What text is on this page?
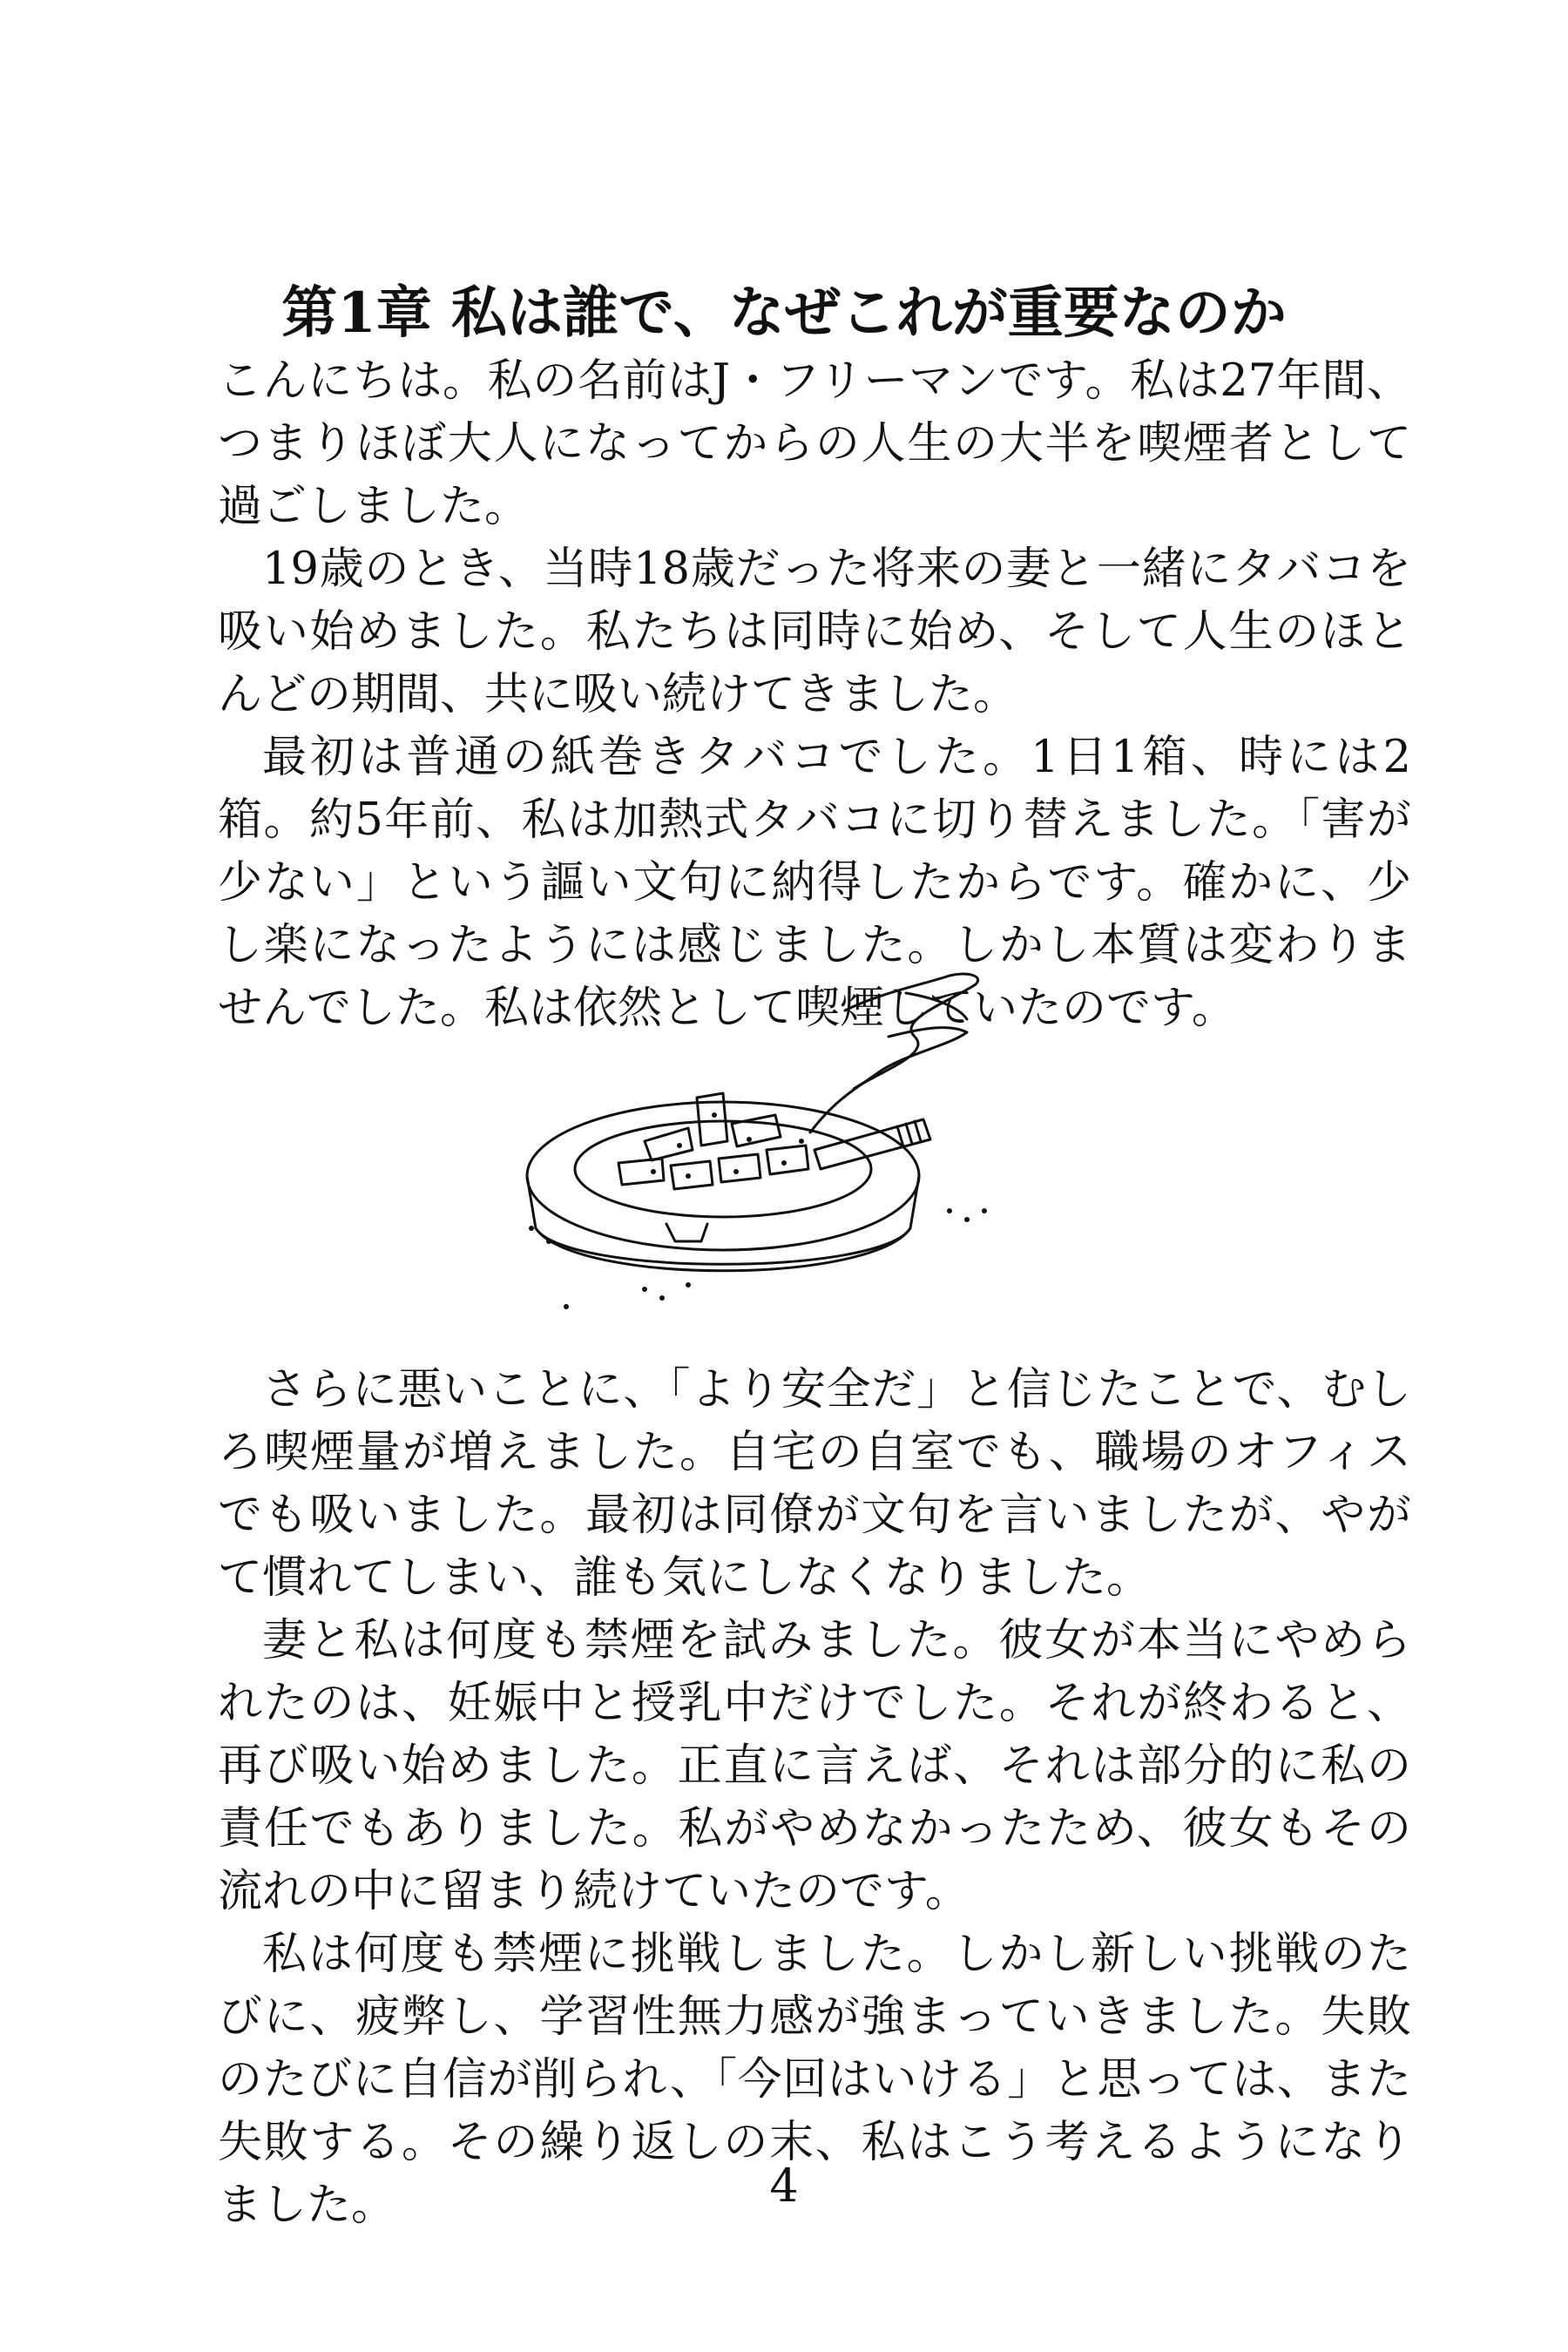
第1章 私は誰で、なぜこれが重要なのか

こんにちは。私の名前はJ・フリーマンです。私は27年間、つまりほぼ大人になってからの人生の大半を喫煙者として過ごしました。

19歳のとき、当時18歳だった将来の妻と一緒にタバコを吸い始めました。私たちは同時に始め、そして人生のほとんどの期間、共に吸い続けてきました。

最初は普通の紙巻きタバコでした。1日1箱、時には2箱。約5年前、私は加熱式タバコに切り替えました。「害が少ない」という謳い文句に納得したからです。確かに、少し楽になったようには感じました。しかし本質は変わりませんでした。私は依然として喫煙していたのです。

さらに悪いことに、「より安全だ」と信じたことで、むしろ喫煙量が増えました。自宅の自室でも、職場のオフィスでも吸いました。最初は同僚が文句を言いましたが、やがて慣れてしまい、誰も気にしなくなりました。

妻と私は何度も禁煙を試みました。彼女が本当にやめられたのは、妊娠中と授乳中だけでした。それが終わると、再び吸い始めました。正直に言えば、それは部分的に私の責任でもありました。私がやめなかったため、彼女もその流れの中に留まり続けていたのです。

私は何度も禁煙に挑戦しました。しかし新しい挑戦のたびに、疲弊し、学習性無力感が強まっていきました。失敗のたびに自信が削られ、「今回はいける」と思っては、また失敗する。その繰り返しの末、私はこう考えるようになりました。	4
